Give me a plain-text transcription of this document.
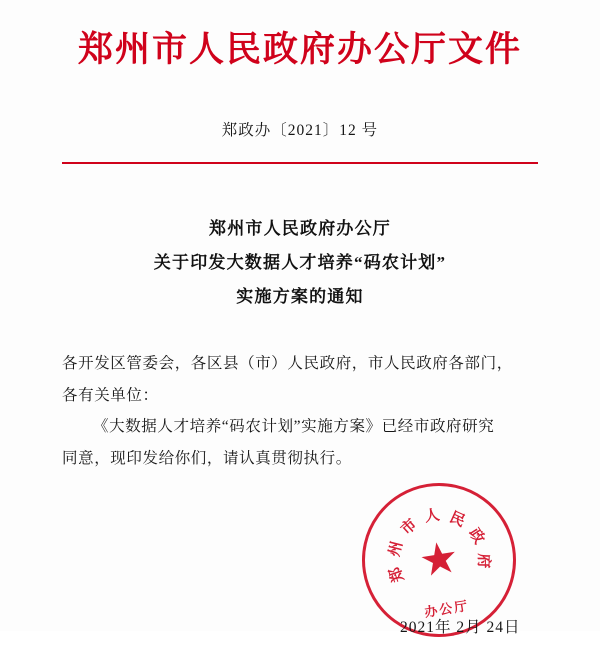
郑州市人民政府办公厅文件
郑政办〔2021〕12 号
郑州市人民政府办公厅
关于印发大数据人才培养“码农计划”
实施方案的通知

各开发区管委会，各区县（市）人民政府，市人民政府各部门，

各有关单位：

《大数据人才培养“码农计划”实施方案》已经市政府研究

同意，现印发给你们，请认真贯彻执行。

郑
州
市 人 民
政
府
★
办公厅
2021年 2月 24日
